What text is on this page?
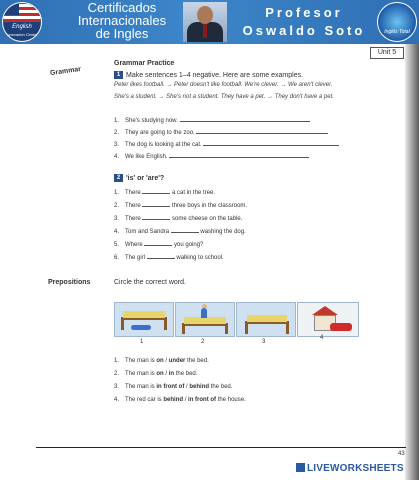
English
Innovation Center
Certificados
Internacionales
de Ingles
Profesor
Oswaldo Soto	Inglés Total
Unit 5
Grammar
Grammar Practice
1 Make sentences 1–4 negative. Here are some examples.
Peter likes football. → Peter doesn't like football. We're clever. → We aren't clever.
She's a student. → She's not a student. They have a pet. → They don't have a pet.
1. She's studying now.
2. They are going to the zoo.
3. The dog is looking at the cat.
4. We like English.
2 'is' or 'are'?
1. There	a cat in the tree.
2. There	three boys in the classroom.
3. There	some cheese on the table.
4. Tom and Sandra	washing the dog.
5. Where	you going?
6. The girl	walking to school.
Prepositions	Circle the correct word.
1	2	3
4
1. The man is on / under the bed.
2. The man is on / in the bed.
3. The man is in front of / behind the bed.
4. The red car is behind / in front of the house.
43
LIVEWORKSHEETS
